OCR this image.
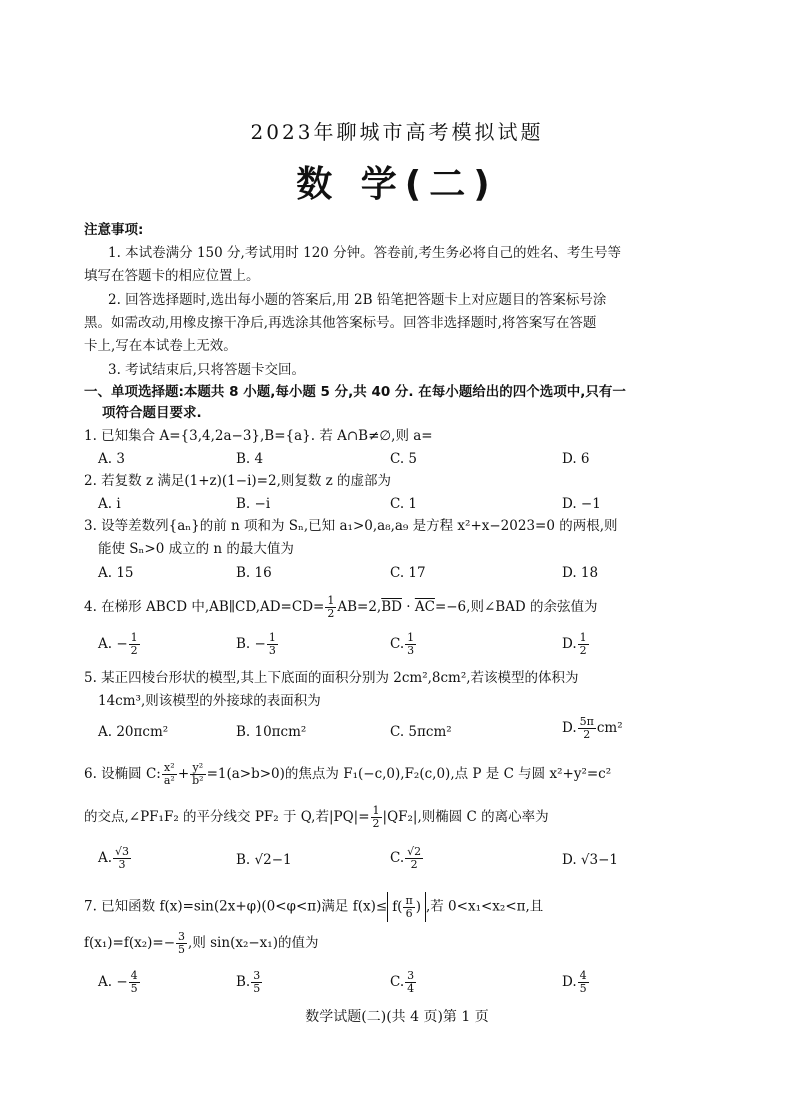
2023年聊城市高考模拟试题
数 学(二)
注意事项:
1. 本试卷满分 150 分,考试用时 120 分钟。答卷前,考生务必将自己的姓名、考生号等
填写在答题卡的相应位置上。
2. 回答选择题时,选出每小题的答案后,用 2B 铅笔把答题卡上对应题目的答案标号涂
黑。如需改动,用橡皮擦干净后,再选涂其他答案标号。回答非选择题时,将答案写在答题
卡上,写在本试卷上无效。
3. 考试结束后,只将答题卡交回。
一、单项选择题:本题共 8 小题,每小题 5 分,共 40 分. 在每小题给出的四个选项中,只有一
项符合题目要求.
1. 已知集合 A={3,4,2a−3},B={a}. 若 A∩B≠∅,则 a=
A. 3	B. 4	C. 5	D. 6
2. 若复数 z 满足(1+z)(1−i)=2,则复数 z 的虚部为
A. i	B. −i	C. 1	D. −1
3. 设等差数列{aₙ}的前 n 项和为 Sₙ,已知 a₁>0,a₈,a₉ 是方程 x²+x−2023=0 的两根,则
能使 Sₙ>0 成立的 n 的最大值为
A. 15	B. 16	C. 17	D. 18
4. 在梯形 ABCD 中,AB∥CD,AD=CD= $\frac{1}{2} AB=2,\overline{BD} \cdot \overline{AC}=-6$,则∠BAD 的余弦值为
A. − $\frac{1}{2}$	B. − $\frac{1}{3}$	C. $\frac{1}{3}$	D. $\frac{1}{2}$
5. 某正四棱台形状的模型,其上下底面的面积分别为 2cm²,8cm²,若该模型的体积为
14cm³,则该模型的外接球的表面积为
A. 20πcm²	B. 10πcm²	C. 5πcm²	D. $\frac{5\pi}{2} cm^2$
6. 设椭圆 C: $\frac{\text{x²}}{\text{a²}} + \frac{\text{y²}}{\text{b²}} =1(a>b>0)$的焦点为 F₁(−c,0),F₂(c,0),点 P 是 C 与圆 x²+y²=c²
的交点,∠PF₁F₂ 的平分线交 PF₂ 于 Q,若$|PQ|= \frac{1}{2} |QF_2|$,则椭圆 C 的离心率为
A. $\frac{√3}{3}$	B. √2−1	C. $\frac{√2}{2}$	D. √3−1
7. 已知函数 f(x)=sin(2x+φ)(0<φ<π)满足 $f(x)\le f( \frac{\pi}{6}$ ) ,若 0<x₁<x₂<π,且
$f(x_1)=f(x_2)=- \frac{3}{5}$ ,则 sin(x₂−x₁)的值为
A. − $\frac{4}{5}$	B. $\frac{3}{5}$	C. $\frac{3}{4}$	D. $\frac{4}{5}$
数学试题(二)(共 4 页)第 1 页
